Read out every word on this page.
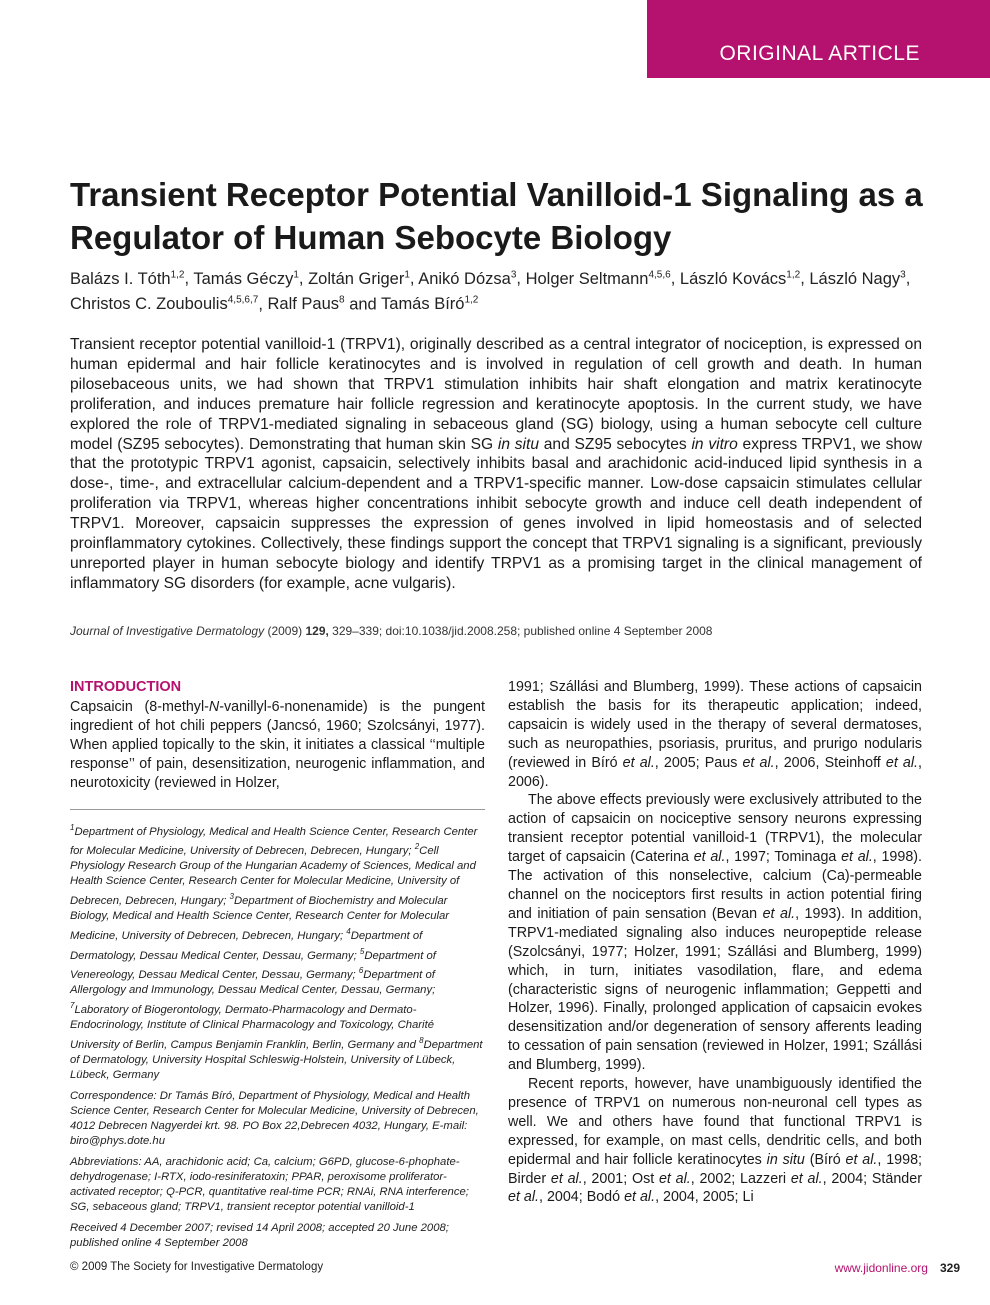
ORIGINAL ARTICLE
Transient Receptor Potential Vanilloid-1 Signaling as a Regulator of Human Sebocyte Biology
Balázs I. Tóth$^{1,2}$, Tamás Géczy$^1$, Zoltán Griger$^1$, Anikó Dózsa$^3$, Holger Seltmann$^{4,5,6}$, László Kovács$^{1,2}$, László Nagy$^3$, Christos C. Zouboulis$^{4,5,6,7}$, Ralf Paus$^8$ and Tamás Bíró$^{1,2}$
Transient receptor potential vanilloid-1 (TRPV1), originally described as a central integrator of nociception, is expressed on human epidermal and hair follicle keratinocytes and is involved in regulation of cell growth and death. In human pilosebaceous units, we had shown that TRPV1 stimulation inhibits hair shaft elongation and matrix keratinocyte proliferation, and induces premature hair follicle regression and keratinocyte apoptosis. In the current study, we have explored the role of TRPV1-mediated signaling in sebaceous gland (SG) biology, using a human sebocyte cell culture model (SZ95 sebocytes). Demonstrating that human skin SG in situ and SZ95 sebocytes in vitro express TRPV1, we show that the prototypic TRPV1 agonist, capsaicin, selectively inhibits basal and arachidonic acid-induced lipid synthesis in a dose-, time-, and extracellular calcium-dependent and a TRPV1-specific manner. Low-dose capsaicin stimulates cellular proliferation via TRPV1, whereas higher concentrations inhibit sebocyte growth and induce cell death independent of TRPV1. Moreover, capsaicin suppresses the expression of genes involved in lipid homeostasis and of selected proinflammatory cytokines. Collectively, these findings support the concept that TRPV1 signaling is a significant, previously unreported player in human sebocyte biology and identify TRPV1 as a promising target in the clinical management of inflammatory SG disorders (for example, acne vulgaris).
Journal of Investigative Dermatology (2009) 129, 329–339; doi:10.1038/jid.2008.258; published online 4 September 2008
INTRODUCTION

Capsaicin (8-methyl-N-vanillyl-6-nonenamide) is the pungent ingredient of hot chili peppers (Jancsó, 1960; Szolcsányi, 1977). When applied topically to the skin, it initiates a classical ‘‘multiple response’’ of pain, desensitization, neurogenic inflammation, and neurotoxicity (reviewed in Holzer,

$^1$Department of Physiology, Medical and Health Science Center, Research Center for Molecular Medicine, University of Debrecen, Debrecen, Hungary; $^2$Cell Physiology Research Group of the Hungarian Academy of Sciences, Medical and Health Science Center, Research Center for Molecular Medicine, University of Debrecen, Debrecen, Hungary; $^3$Department of Biochemistry and Molecular Biology, Medical and Health Science Center, Research Center for Molecular Medicine, University of Debrecen, Debrecen, Hungary; $^4$Department of Dermatology, Dessau Medical Center, Dessau, Germany; $^5$Department of Venereology, Dessau Medical Center, Dessau, Germany; $^6$Department of Allergology and Immunology, Dessau Medical Center, Dessau, Germany; $^7$Laboratory of Biogerontology, Dermato-Pharmacology and Dermato-Endocrinology, Institute of Clinical Pharmacology and Toxicology, Charité University of Berlin, Campus Benjamin Franklin, Berlin, Germany and $^8$Department of Dermatology, University Hospital Schleswig-Holstein, University of Lübeck, Lübeck, Germany

Correspondence: Dr Tamás Bíró, Department of Physiology, Medical and Health Science Center, Research Center for Molecular Medicine, University of Debrecen, 4012 Debrecen Nagyerdei krt. 98. PO Box 22,Debrecen 4032, Hungary, E-mail: biro@phys.dote.hu

Abbreviations: AA, arachidonic acid; Ca, calcium; G6PD, glucose-6-phophate-dehydrogenase; I-RTX, iodo-resiniferatoxin; PPAR, peroxisome proliferator-activated receptor; Q-PCR, quantitative real-time PCR; RNAi, RNA interference; SG, sebaceous gland; TRPV1, transient receptor potential vanilloid-1

Received 4 December 2007; revised 14 April 2008; accepted 20 June 2008; published online 4 September 2008

1991; Szállási and Blumberg, 1999). These actions of capsaicin establish the basis for its therapeutic application; indeed, capsaicin is widely used in the therapy of several dermatoses, such as neuropathies, psoriasis, pruritus, and prurigo nodularis (reviewed in Bíró et al., 2005; Paus et al., 2006, Steinhoff et al., 2006).

The above effects previously were exclusively attributed to the action of capsaicin on nociceptive sensory neurons expressing transient receptor potential vanilloid-1 (TRPV1), the molecular target of capsaicin (Caterina et al., 1997; Tominaga et al., 1998). The activation of this nonselective, calcium (Ca)-permeable channel on the nociceptors first results in action potential firing and initiation of pain sensation (Bevan et al., 1993). In addition, TRPV1-mediated signaling also induces neuropeptide release (Szolcsányi, 1977; Holzer, 1991; Szállási and Blumberg, 1999) which, in turn, initiates vasodilation, flare, and edema (characteristic signs of neurogenic inflammation; Geppetti and Holzer, 1996). Finally, prolonged application of capsaicin evokes desensitization and/or degeneration of sensory afferents leading to cessation of pain sensation (reviewed in Holzer, 1991; Szállási and Blumberg, 1999).

Recent reports, however, have unambiguously identified the presence of TRPV1 on numerous non-neuronal cell types as well. We and others have found that functional TRPV1 is expressed, for example, on mast cells, dendritic cells, and both epidermal and hair follicle keratinocytes in situ (Bíró et al., 1998; Birder et al., 2001; Ost et al., 2002; Lazzeri et al., 2004; Ständer et al., 2004; Bodó et al., 2004, 2005; Li

© 2009 The Society for Investigative Dermatology	www.jidonline.org 329
